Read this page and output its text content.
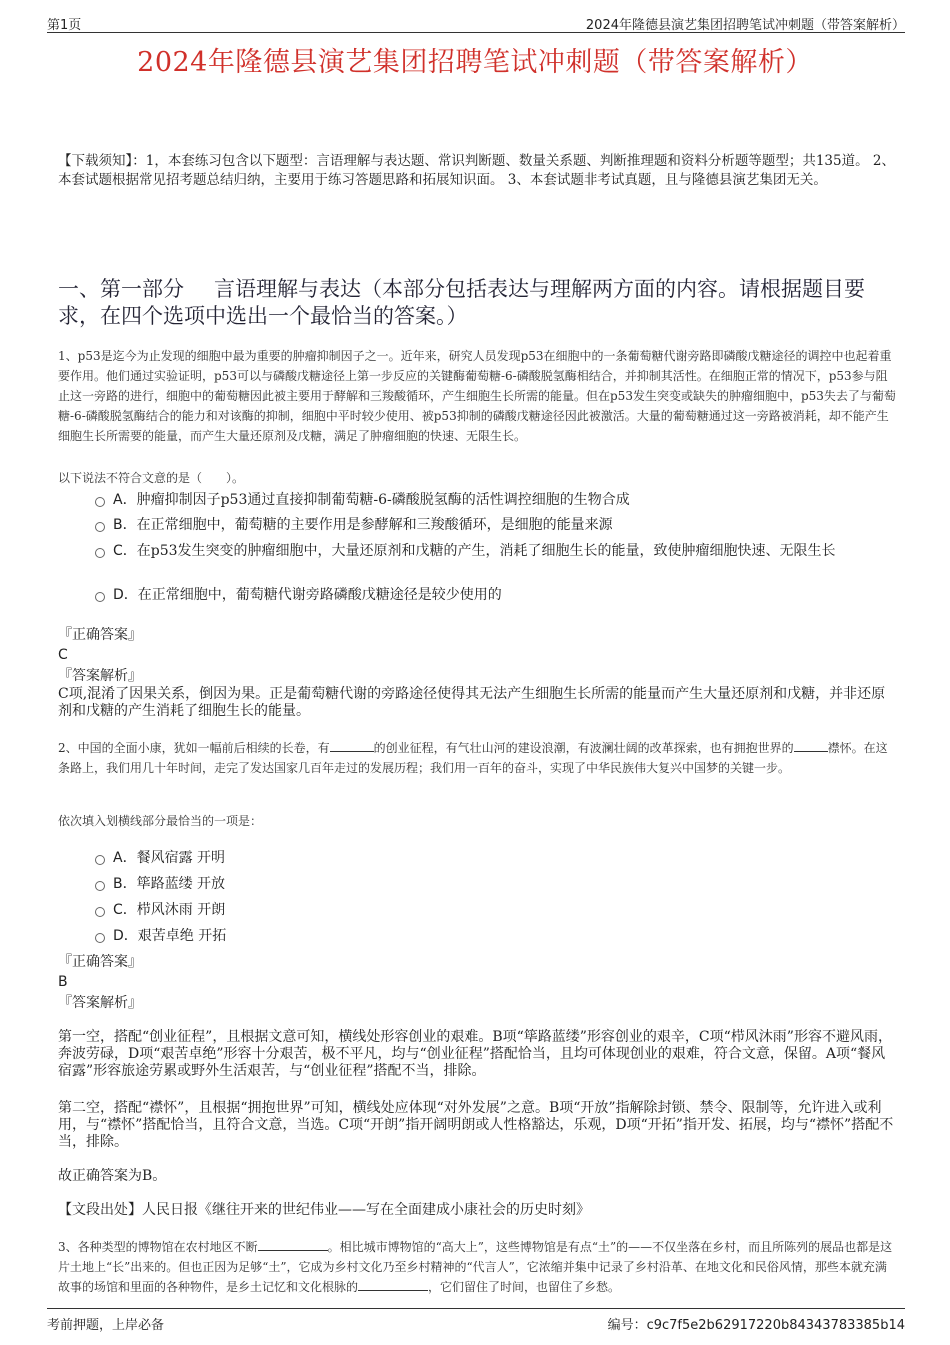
第1页	2024年隆德县演艺集团招聘笔试冲刺题（带答案解析）
2024年隆德县演艺集团招聘笔试冲刺题（带答案解析）
【下载须知】：1，本套练习包含以下题型：言语理解与表达题、常识判断题、数量关系题、判断推理题和资料分析题等题型；共135道。 2、本套试题根据常见招考题总结归纳，主要用于练习答题思路和拓展知识面。 3、本套试题非考试真题，且与隆德县演艺集团无关。
一、第一部分 言语理解与表达（本部分包括表达与理解两方面的内容。请根据题目要求，在四个选项中选出一个最恰当的答案。）
1、p53是迄今为止发现的细胞中最为重要的肿瘤抑制因子之一。近年来，研究人员发现p53在细胞中的一条葡萄糖代谢旁路即磷酸戊糖途径的调控中也起着重要作用。他们通过实验证明，p53可以与磷酸戊糖途径上第一步反应的关键酶葡萄糖-6-磷酸脱氢酶相结合，并抑制其活性。在细胞正常的情况下，p53参与阻止这一旁路的进行，细胞中的葡萄糖因此被主要用于酵解和三羧酸循环，产生细胞生长所需的能量。但在p53发生突变或缺失的肿瘤细胞中，p53失去了与葡萄糖-6-磷酸脱氢酶结合的能力和对该酶的抑制，细胞中平时较少使用、被p53抑制的磷酸戊糖途径因此被激活。大量的葡萄糖通过这一旁路被消耗，却不能产生细胞生长所需要的能量，而产生大量还原剂及戊糖，满足了肿瘤细胞的快速、无限生长。
以下说法不符合文意的是（　　）。
A．肿瘤抑制因子p53通过直接抑制葡萄糖-6-磷酸脱氢酶的活性调控细胞的生物合成
B．在正常细胞中，葡萄糖的主要作用是参酵解和三羧酸循环，是细胞的能量来源
C．在p53发生突变的肿瘤细胞中，大量还原剂和戊糖的产生，消耗了细胞生长的能量，致使肿瘤细胞快速、无限生长
D．在正常细胞中，葡萄糖代谢旁路磷酸戊糖途径是较少使用的
『正确答案』
C
『答案解析』
C项,混淆了因果关系，倒因为果。正是葡萄糖代谢的旁路途径使得其无法产生细胞生长所需的能量而产生大量还原剂和戊糖，并非还原剂和戊糖的产生消耗了细胞生长的能量。
2、中国的全面小康，犹如一幅前后相续的长卷，有	的创业征程，有气壮山河的建设浪潮，有波澜壮阔的改革探索，也有拥抱世界的	襟怀。在这条路上，我们用几十年时间，走完了发达国家几百年走过的发展历程；我们用一百年的奋斗，实现了中华民族伟大复兴中国梦的关键一步。
依次填入划横线部分最恰当的一项是：
A．餐风宿露 开明
B．筚路蓝缕 开放
C．栉风沐雨 开朗
D．艰苦卓绝 开拓
『正确答案』
B
『答案解析』
第一空，搭配“创业征程”，且根据文意可知，横线处形容创业的艰难。B项“筚路蓝缕”形容创业的艰辛，C项“栉风沐雨”形容不避风雨，奔波劳碌，D项“艰苦卓绝”形容十分艰苦，极不平凡，均与“创业征程”搭配恰当，且均可体现创业的艰难，符合文意，保留。A项“餐风宿露”形容旅途劳累或野外生活艰苦，与“创业征程”搭配不当，排除。
第二空，搭配“襟怀”，且根据“拥抱世界”可知，横线处应体现“对外发展”之意。B项“开放”指解除封锁、禁令、限制等，允许进入或利用，与“襟怀”搭配恰当，且符合文意，当选。C项“开朗”指开阔明朗或人性格豁达，乐观，D项“开拓”指开发、拓展，均与“襟怀”搭配不当，排除。
故正确答案为B。
【文段出处】人民日报《继往开来的世纪伟业——写在全面建成小康社会的历史时刻》
3、各种类型的博物馆在农村地区不断	。相比城市博物馆的“高大上”，这些博物馆是有点“土”的——不仅坐落在乡村，而且所陈列的展品也都是这片土地上“长”出来的。但也正因为足够“土”，它成为乡村文化乃至乡村精神的“代言人”，它浓缩并集中记录了乡村沿革、在地文化和民俗风情，那些本就充满故事的场馆和里面的各种物件，是乡土记忆和文化根脉的	，它们留住了时间，也留住了乡愁。
考前押题，上岸必备	编号：c9c7f5e2b62917220b84343783385b14
